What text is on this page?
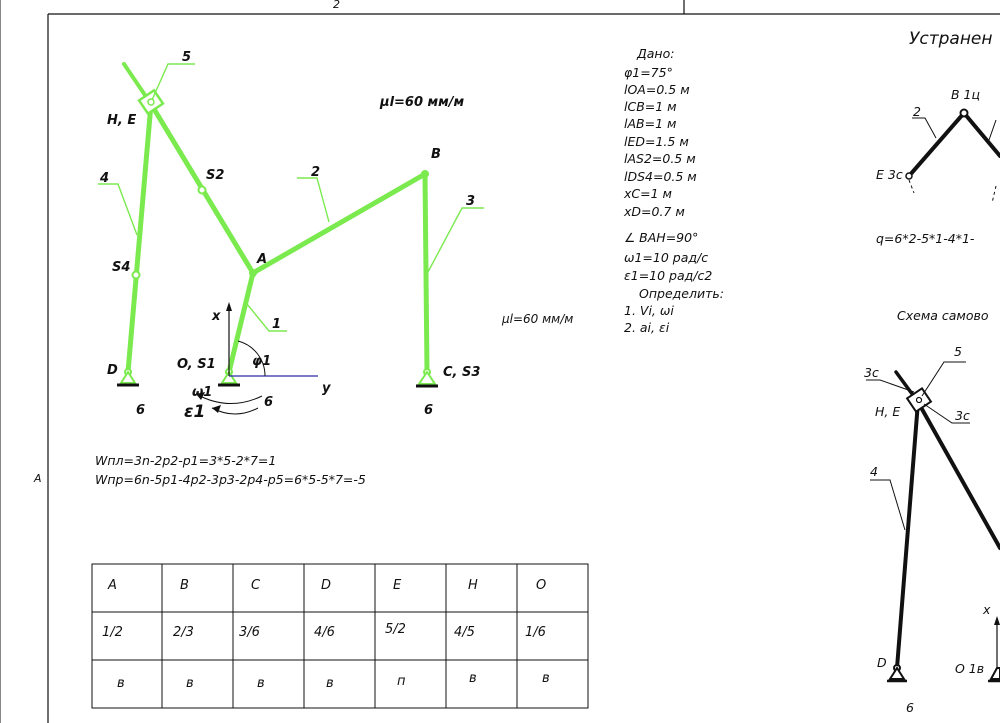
2
A
5
H, E
S2	2
B
3
4
S4
A
1
x
y
D	O, S1	φ1
ω1
ε1
C, S3
6
6
6
μl=60 мм/м
μl=60 мм/м
Дано:
φ1=75°
lOA=0.5 м
lCB=1 м
lAB=1 м
lED=1.5 м
lAS2=0.5 м
lDS4=0.5 м
xC=1 м
xD=0.7 м
∠ BAH=90°
ω1=10 рад/с
ε1=10 рад/с2
Определить:
1. Vi, ωi
2. ai, εi
Wпл=3n-2p2-p1=3*5-2*7=1
Wпр=6n-5p1-4p2-3p3-2p4-p5=6*5-5*7=-5
A	B	C	D	E	H	O
1/2	2/3	3/6	4/6	5/2	4/5	1/6
в	в	в	в	п	в	в
Устранен
B 1ц
2
E 3с
q=6*2-5*1-4*1-
Схема самово
5
3с
H, E	3с
4
x
D	O 1в
6
